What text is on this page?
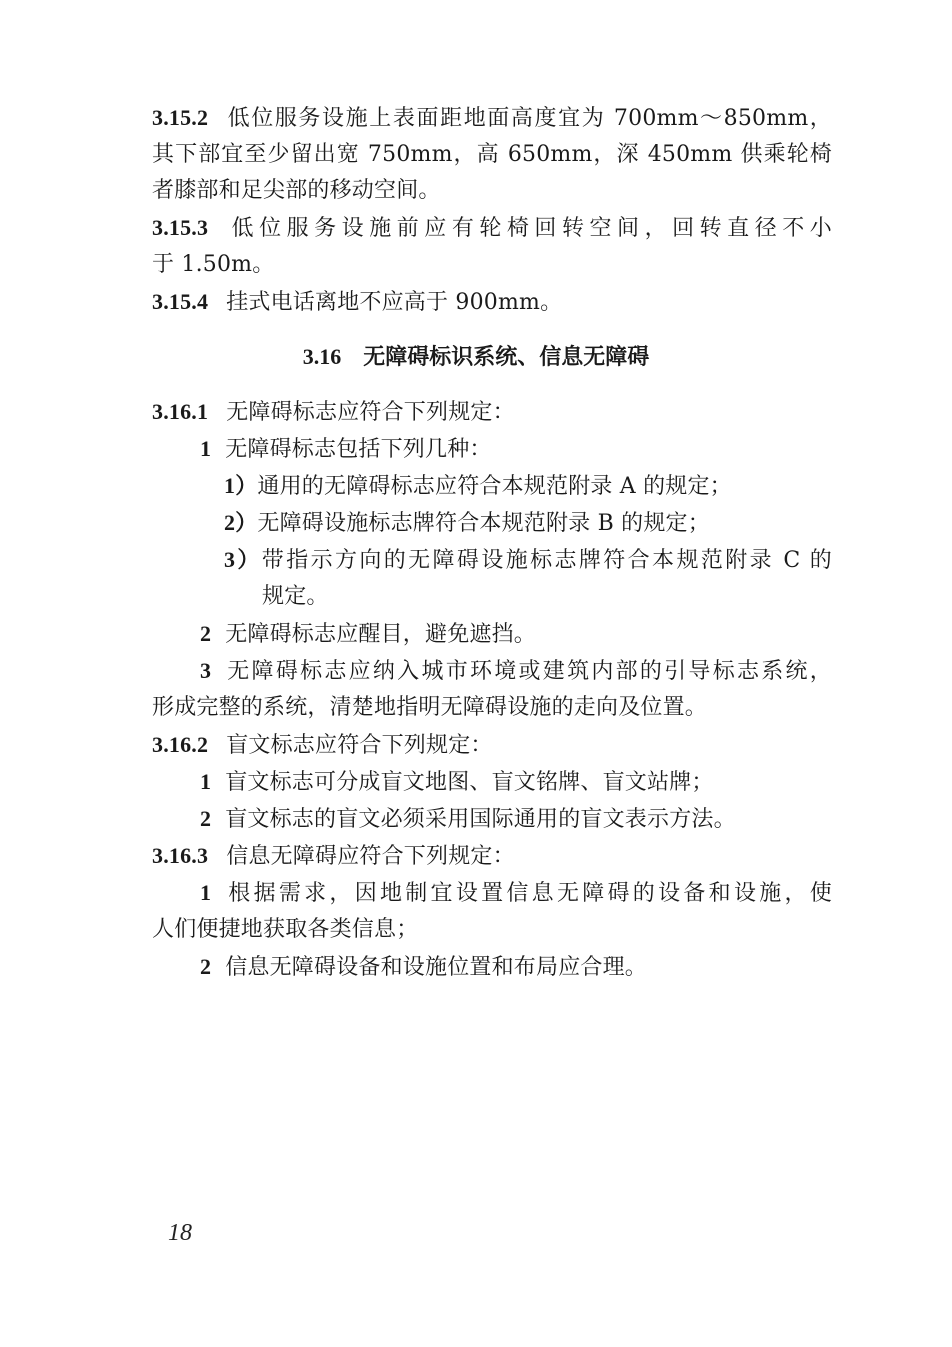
3.15.2 低位服务设施上表面距地面高度宜为 700mm～850mm，
其下部宜至少留出宽 750mm，高 650mm，深 450mm 供乘轮椅
者膝部和足尖部的移动空间。
3.15.3 低位服务设施前应有轮椅回转空间，回转直径不小
于 1.50m。
3.15.4 挂式电话离地不应高于 900mm。
3.16 无障碍标识系统、信息无障碍
3.16.1 无障碍标志应符合下列规定：
1 无障碍标志包括下列几种：
1）通用的无障碍标志应符合本规范附录 A 的规定；
2）无障碍设施标志牌符合本规范附录 B 的规定；
3）带指示方向的无障碍设施标志牌符合本规范附录 C 的
规定。
2 无障碍标志应醒目，避免遮挡。
3 无障碍标志应纳入城市环境或建筑内部的引导标志系统，
形成完整的系统，清楚地指明无障碍设施的走向及位置。
3.16.2 盲文标志应符合下列规定：
1 盲文标志可分成盲文地图、盲文铭牌、盲文站牌；
2 盲文标志的盲文必须采用国际通用的盲文表示方法。
3.16.3 信息无障碍应符合下列规定：
1 根据需求，因地制宜设置信息无障碍的设备和设施，使
人们便捷地获取各类信息；
2 信息无障碍设备和设施位置和布局应合理。
18
